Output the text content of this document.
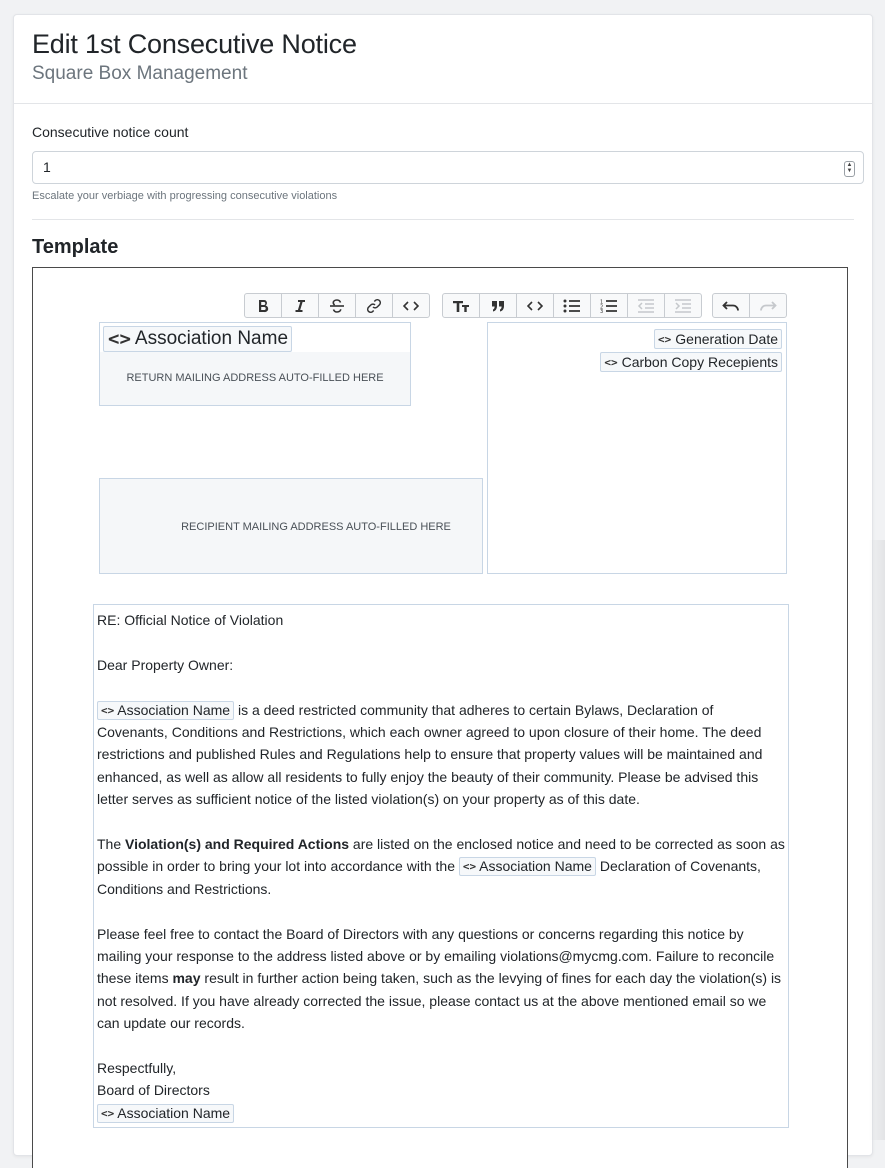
Edit 1st Consecutive Notice
Square Box Management
Consecutive notice count
1	▲
▼
Escalate your verbiage with progressing consecutive violations
Template
1
2
3
<> Association Name
RETURN MAILING ADDRESS AUTO-FILLED HERE
RECIPIENT MAILING ADDRESS AUTO-FILLED HERE
<> Generation Date
<> Carbon Copy Recepients

RE: Official Notice of Violation

Dear Property Owner:

<> Association Name is a deed restricted community that adheres to certain Bylaws, Declaration of Covenants, Conditions and Restrictions, which each owner agreed to upon closure of their home. The deed restrictions and published Rules and Regulations help to ensure that property values will be maintained and enhanced, as well as allow all residents to fully enjoy the beauty of their community. Please be advised this letter serves as sufficient notice of the listed violation(s) on your property as of this date.

The Violation(s) and Required Actions are listed on the enclosed notice and need to be corrected as soon as possible in order to bring your lot into accordance with the <> Association Name Declaration of Covenants, Conditions and Restrictions.

Please feel free to contact the Board of Directors with any questions or concerns regarding this notice by mailing your response to the address listed above or by emailing violations@mycmg.com. Failure to reconcile these items may result in further action being taken, such as the levying of fines for each day the violation(s) is not resolved. If you have already corrected the issue, please contact us at the above mentioned email so we can update our records.

Respectfully,

Board of Directors

<> Association Name
